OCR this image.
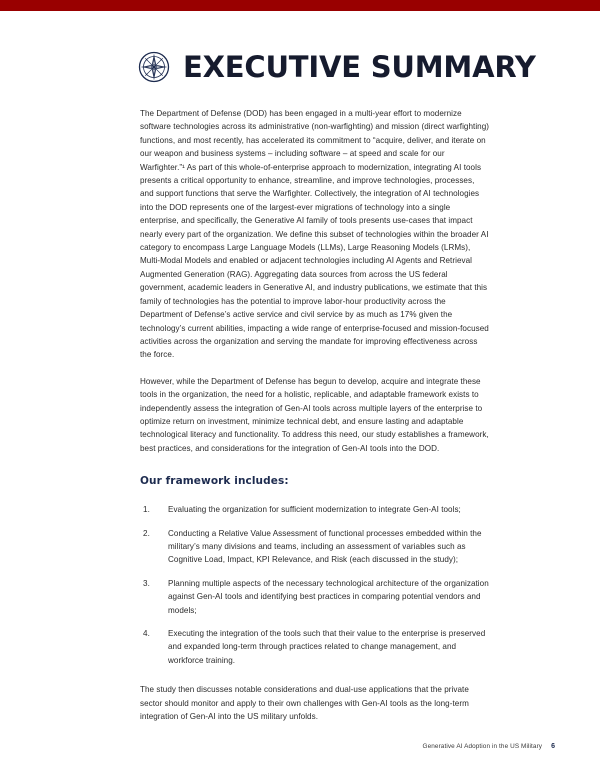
EXECUTIVE SUMMARY

The Department of Defense (DOD) has been engaged in a multi-year effort to modernize software technologies across its administrative (non-warfighting) and mission (direct warfighting) functions, and most recently, has accelerated its commitment to “acquire, deliver, and iterate on our weapon and business systems – including software – at speed and scale for our Warfighter.”¹ As part of this whole-of-enterprise approach to modernization, integrating AI tools presents a critical opportunity to enhance, streamline, and improve technologies, processes, and support functions that serve the Warfighter. Collectively, the integration of AI technologies into the DOD represents one of the largest-ever migrations of technology into a single enterprise, and specifically, the Generative AI family of tools presents use-cases that impact nearly every part of the organization. We define this subset of technologies within the broader AI category to encompass Large Language Models (LLMs), Large Reasoning Models (LRMs), Multi-Modal Models and enabled or adjacent technologies including AI Agents and Retrieval Augmented Generation (RAG). Aggregating data sources from across the US federal government, academic leaders in Generative AI, and industry publications, we estimate that this family of technologies has the potential to improve labor-hour productivity across the Department of Defense’s active service and civil service by as much as 17% given the technology’s current abilities, impacting a wide range of enterprise-focused and mission-focused activities across the organization and serving the mandate for improving effectiveness across the force.

However, while the Department of Defense has begun to develop, acquire and integrate these tools in the organization, the need for a holistic, replicable, and adaptable framework exists to independently assess the integration of Gen-AI tools across multiple layers of the enterprise to optimize return on investment, minimize technical debt, and ensure lasting and adaptable technological literacy and functionality. To address this need, our study establishes a framework, best practices, and considerations for the integration of Gen-AI tools into the DOD.

Our framework includes:
Evaluating the organization for sufficient modernization to integrate Gen-AI tools;
Conducting a Relative Value Assessment of functional processes embedded within the military’s many divisions and teams, including an assessment of variables such as Cognitive Load, Impact, KPI Relevance, and Risk (each discussed in the study);
Planning multiple aspects of the necessary technological architecture of the organization against Gen-AI tools and identifying best practices in comparing potential vendors and models;
Executing the integration of the tools such that their value to the enterprise is preserved and expanded long-term through practices related to change management, and workforce training.

The study then discusses notable considerations and dual-use applications that the private sector should monitor and apply to their own challenges with Gen-AI tools as the long-term integration of Gen-AI into the US military unfolds.

Generative AI Adoption in the US Military 6
